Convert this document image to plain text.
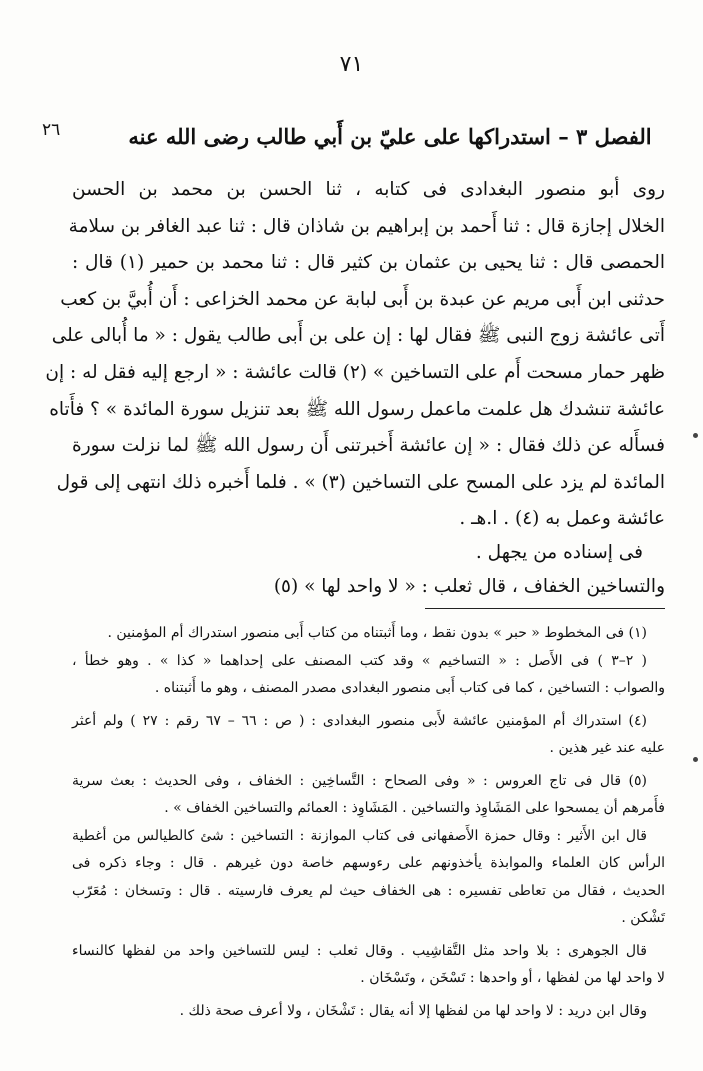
٧١
٢٦	الفصل ٣ – استدراكها على عليّ بن أَبي طالب رضى الله عنه
روى أبو منصور البغدادى فى كتابه ، ثنا الحسن بن محمد بن الحسن
الخلال إجازة قال : ثنا أَحمد بن إبراهيم بن شاذان قال : ثنا عبد الغافر بن سلامة
الحمصى قال : ثنا يحيى بن عثمان بن كثير قال : ثنا محمد بن حمير (١) قال :
حدثنى ابن أَبى مريم عن عبدة بن أَبى لبابة عن محمد الخزاعى : أَن أُبيَّ بن كعب
أَتى عائشة زوج النبى ﷺ فقال لها : إن على بن أَبى طالب يقول : « ما أُبالى على
ظهر حمار مسحت أَم على التساخين » (٢) قالت عائشة : « ارجع إليه فقل له : إن
عائشة تنشدك هل علمت ماعمل رسول الله ﷺ بعد تنزيل سورة المائدة » ؟ فأَتاه
فسأَله عن ذلك فقال : « إن عائشة أَخبرتنى أَن رسول الله ﷺ لما نزلت سورة
المائدة لم يزد على المسح على التساخين (٣) » . فلما أَخبره ذلك انتهى إلى قول
عائشة وعمل به (٤) . ا.هـ .
فى إسناده من يجهل .
والتساخين الخفاف ، قال ثعلب : « لا واحد لها » (٥)
(١) فى المخطوط « حبر » بدون نقط ، وما أَثبتناه من كتاب أَبى منصور استدراك أم المؤمنين .
( ٢–٣ ) فى الأَصل : « التساخيم » وقد كتب المصنف على إحداهما « كذا » . وهو خطأ ،
والصواب : التساخين ، كما فى كتاب أَبى منصور البغدادى مصدر المصنف ، وهو ما أَثبتناه .
(٤) استدراك أم المؤمنين عائشة لأَبى منصور البغدادى : ( ص : ٦٦ – ٦٧ رقم : ٢٧ ) ولم أعثر
عليه عند غير هذين .
(٥) قال فى تاج العروس : « وفى الصحاح : التَّساخِين : الخفاف ، وفى الحديث : بعث سرية
فأَمرهم أن يمسحوا على المَشَاوِذ والتساخين . المَشَاوِذ : العمائم والتساخين الخفاف » .
قال ابن الأَثير : وقال حمزة الأَصفهانى فى كتاب الموازنة : التساخين : شئ كالطيالس من أغطية
الرأس كان العلماء والموابذة يأخذونهم على رءوسهم خاصة دون غيرهم . قال : وجاء ذكره فى
الحديث ، فقال من تعاطى تفسيره : هى الخفاف حيث لم يعرف فارسيته . قال : وتسخان : مُعَرّب
تَشْكن .
قال الجوهرى : بلا واحد مثل التَّقاشِيب . وقال ثعلب : ليس للتساخين واحد من لفظها كالنساء
لا واحد لها من لفظها ، أو واحدها : تَسْخَن ، وتَسْخَان .
وقال ابن دريد : لا واحد لها من لفظها إلا أنه يقال : تَشْخَان ، ولا أعرف صحة ذلك .
